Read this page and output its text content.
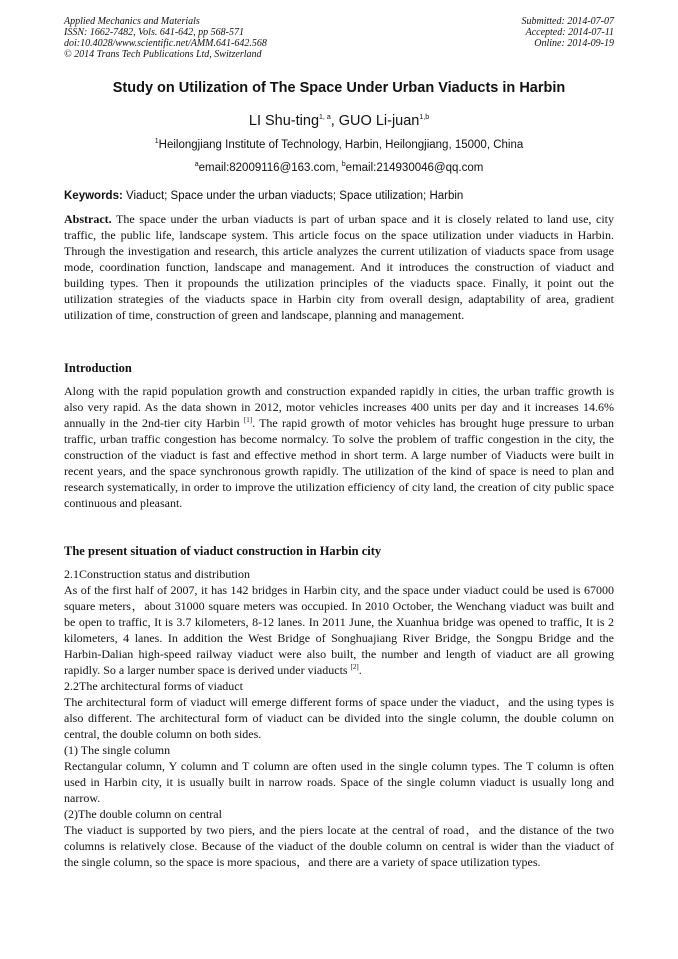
Applied Mechanics and Materials
ISSN: 1662-7482, Vols. 641-642, pp 568-571
doi:10.4028/www.scientific.net/AMM.641-642.568
© 2014 Trans Tech Publications Ltd, Switzerland
Submitted: 2014-07-07
Accepted: 2014-07-11
Online: 2014-09-19
Study on Utilization of The Space Under Urban Viaducts in Harbin
LI Shu-ting$^{1, a}$, GUO Li-juan$^{1,b}$
$^1$Heilongjiang Institute of Technology, Harbin, Heilongjiang, 15000, China
$^a$email:82009116@163.com, $^b$email:214930046@qq.com
Keywords: Viaduct; Space under the urban viaducts; Space utilization; Harbin

Abstract. The space under the urban viaducts is part of urban space and it is closely related to land use, city traffic, the public life, landscape system. This article focus on the space utilization under viaducts in Harbin. Through the investigation and research, this article analyzes the current utilization of viaducts space from usage mode, coordination function, landscape and management. And it introduces the construction of viaduct and building types. Then it propounds the utilization principles of the viaducts space. Finally, it point out the utilization strategies of the viaducts space in Harbin city from overall design, adaptability of area, gradient utilization of time, construction of green and landscape, planning and management.

Introduction

Along with the rapid population growth and construction expanded rapidly in cities, the urban traffic growth is also very rapid. As the data shown in 2012, motor vehicles increases 400 units per day and it increases 14.6% annually in the 2nd-tier city Harbin [1]. The rapid growth of motor vehicles has brought huge pressure to urban traffic, urban traffic congestion has become normalcy. To solve the problem of traffic congestion in the city, the construction of the viaduct is fast and effective method in short term. A large number of Viaducts were built in recent years, and the space synchronous growth rapidly. The utilization of the kind of space is need to plan and research systematically, in order to improve the utilization efficiency of city land, the creation of city public space continuous and pleasant.

The present situation of viaduct construction in Harbin city

2.1Construction status and distribution

As of the first half of 2007, it has 142 bridges in Harbin city, and the space under viaduct could be used is 67000 square meters，about 31000 square meters was occupied. In 2010 October, the Wenchang viaduct was built and be open to traffic, It is 3.7 kilometers, 8-12 lanes. In 2011 June, the Xuanhua bridge was opened to traffic, It is 2 kilometers, 4 lanes. In addition the West Bridge of Songhuajiang River Bridge, the Songpu Bridge and the Harbin-Dalian high-speed railway viaduct were also built, the number and length of viaduct are all growing rapidly. So a larger number space is derived under viaducts [2].

2.2The architectural forms of viaduct

The architectural form of viaduct will emerge different forms of space under the viaduct，and the using types is also different. The architectural form of viaduct can be divided into the single column, the double column on central, the double column on both sides.

(1) The single column

Rectangular column, Y column and T column are often used in the single column types. The T column is often used in Harbin city, it is usually built in narrow roads. Space of the single column viaduct is usually long and narrow.

(2)The double column on central

The viaduct is supported by two piers, and the piers locate at the central of road，and the distance of the two columns is relatively close. Because of the viaduct of the double column on central is wider than the viaduct of the single column, so the space is more spacious，and there are a variety of space utilization types.
